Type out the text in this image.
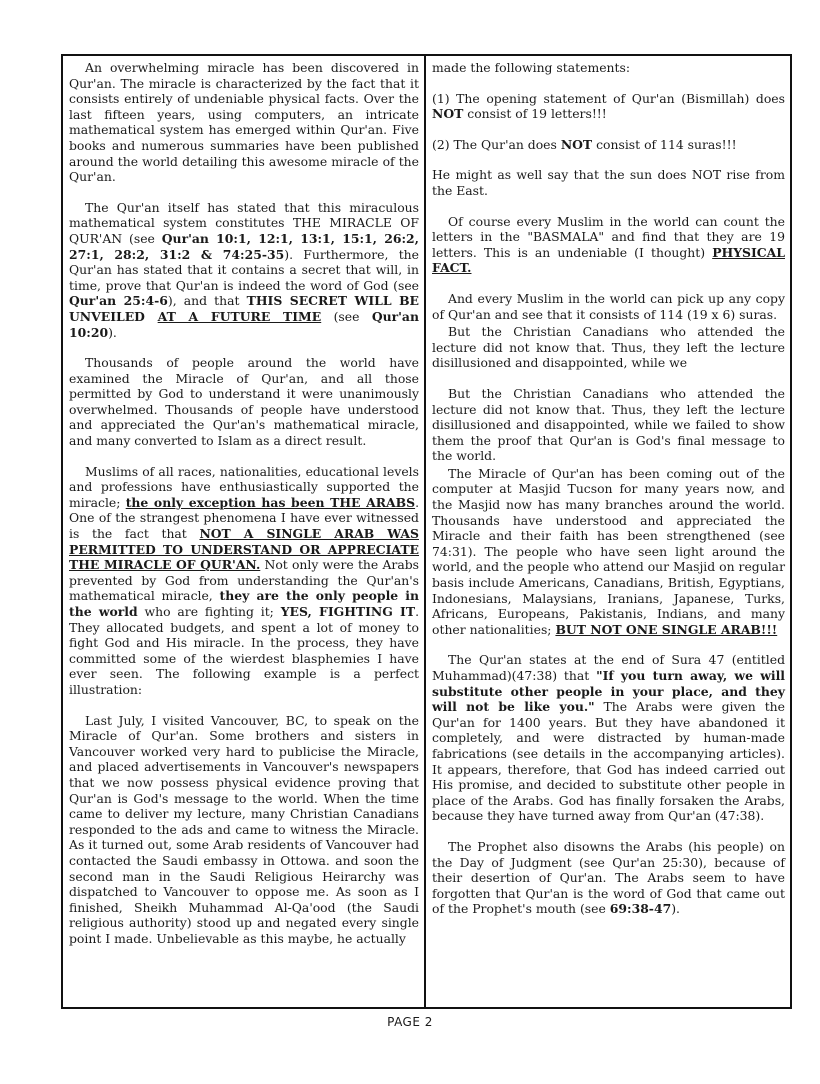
An overwhelming miracle has been discovered in Qur'an. The miracle is characterized by the fact that it consists entirely of undeniable physical facts. Over the last fifteen years, using computers, an intricate mathematical system has emerged within Qur'an. Five books and numerous summaries have been published around the world detailing this awesome miracle of the Qur'an.

The Qur'an itself has stated that this miraculous mathematical system constitutes THE MIRACLE OF QUR'AN (see Qur'an 10:1, 12:1, 13:1, 15:1, 26:2, 27:1, 28:2, 31:2 & 74:25-35). Furthermore, the Qur'an has stated that it contains a secret that will, in time, prove that Qur'an is indeed the word of God (see Qur'an 25:4-6), and that THIS SECRET WILL BE UNVEILED AT A FUTURE TIME (see Qur'an 10:20).

Thousands of people around the world have examined the Miracle of Qur'an, and all those permitted by God to understand it were unanimously overwhelmed. Thousands of people have understood and appreciated the Qur'an's mathematical miracle, and many converted to Islam as a direct result.

Muslims of all races, nationalities, educational levels and professions have enthusiastically supported the miracle; the only exception has been THE ARABS. One of the strangest phenomena I have ever witnessed is the fact that NOT A SINGLE ARAB WAS PERMITTED TO UNDERSTAND OR APPRECIATE THE MIRACLE OF QUR'AN. Not only were the Arabs prevented by God from understanding the Qur'an's mathematical miracle, they are the only people in the world who are fighting it; YES, FIGHTING IT. They allocated budgets, and spent a lot of money to fight God and His miracle. In the process, they have committed some of the wierdest blasphemies I have ever seen. The following example is a perfect illustration:

Last July, I visited Vancouver, BC, to speak on the Miracle of Qur'an. Some brothers and sisters in Vancouver worked very hard to publicise the Miracle, and placed advertisements in Vancouver's newspapers that we now possess physical evidence proving that Qur'an is God's message to the world. When the time came to deliver my lecture, many Christian Canadians responded to the ads and came to witness the Miracle. As it turned out, some Arab residents of Vancouver had contacted the Saudi embassy in Ottowa. and soon the second man in the Saudi Religious Heirarchy was dispatched to Vancouver to oppose me. As soon as I finished, Sheikh Muhammad Al-Qa'ood (the Saudi religious authority) stood up and negated every single point I made. Unbelievable as this maybe, he actually

made the following statements:

(1) The opening statement of Qur'an (Bismillah) does NOT consist of 19 letters!!!

(2) The Qur'an does NOT consist of 114 suras!!!

He might as well say that the sun does NOT rise from the East.

Of course every Muslim in the world can count the letters in the "BASMALA" and find that they are 19 letters. This is an undeniable (I thought) PHYSICAL FACT.

And every Muslim in the world can pick up any copy of Qur'an and see that it consists of 114 (19 x 6) suras.

But the Christian Canadians who attended the lecture did not know that. Thus, they left the lecture disillusioned and disappointed, while we

But the Christian Canadians who attended the lecture did not know that. Thus, they left the lecture disillusioned and disappointed, while we failed to show them the proof that Qur'an is God's final message to the world.

The Miracle of Qur'an has been coming out of the computer at Masjid Tucson for many years now, and the Masjid now has many branches around the world. Thousands have understood and appreciated the Miracle and their faith has been strengthened (see 74:31). The people who have seen light around the world, and the people who attend our Masjid on regular basis include Americans, Canadians, British, Egyptians, Indonesians, Malaysians, Iranians, Japanese, Turks, Africans, Europeans, Pakistanis, Indians, and many other nationalities; BUT NOT ONE SINGLE ARAB!!!

The Qur'an states at the end of Sura 47 (entitled Muhammad)(47:38) that "If you turn away, we will substitute other people in your place, and they will not be like you." The Arabs were given the Qur'an for 1400 years. But they have abandoned it completely, and were distracted by human-made fabrications (see details in the accompanying articles). It appears, therefore, that God has indeed carried out His promise, and decided to substitute other people in place of the Arabs. God has finally forsaken the Arabs, because they have turned away from Qur'an (47:38).

The Prophet also disowns the Arabs (his people) on the Day of Judgment (see Qur'an 25:30), because of their desertion of Qur'an. The Arabs seem to have forgotten that Qur'an is the word of God that came out of the Prophet's mouth (see 69:38-47).

PAGE 2
